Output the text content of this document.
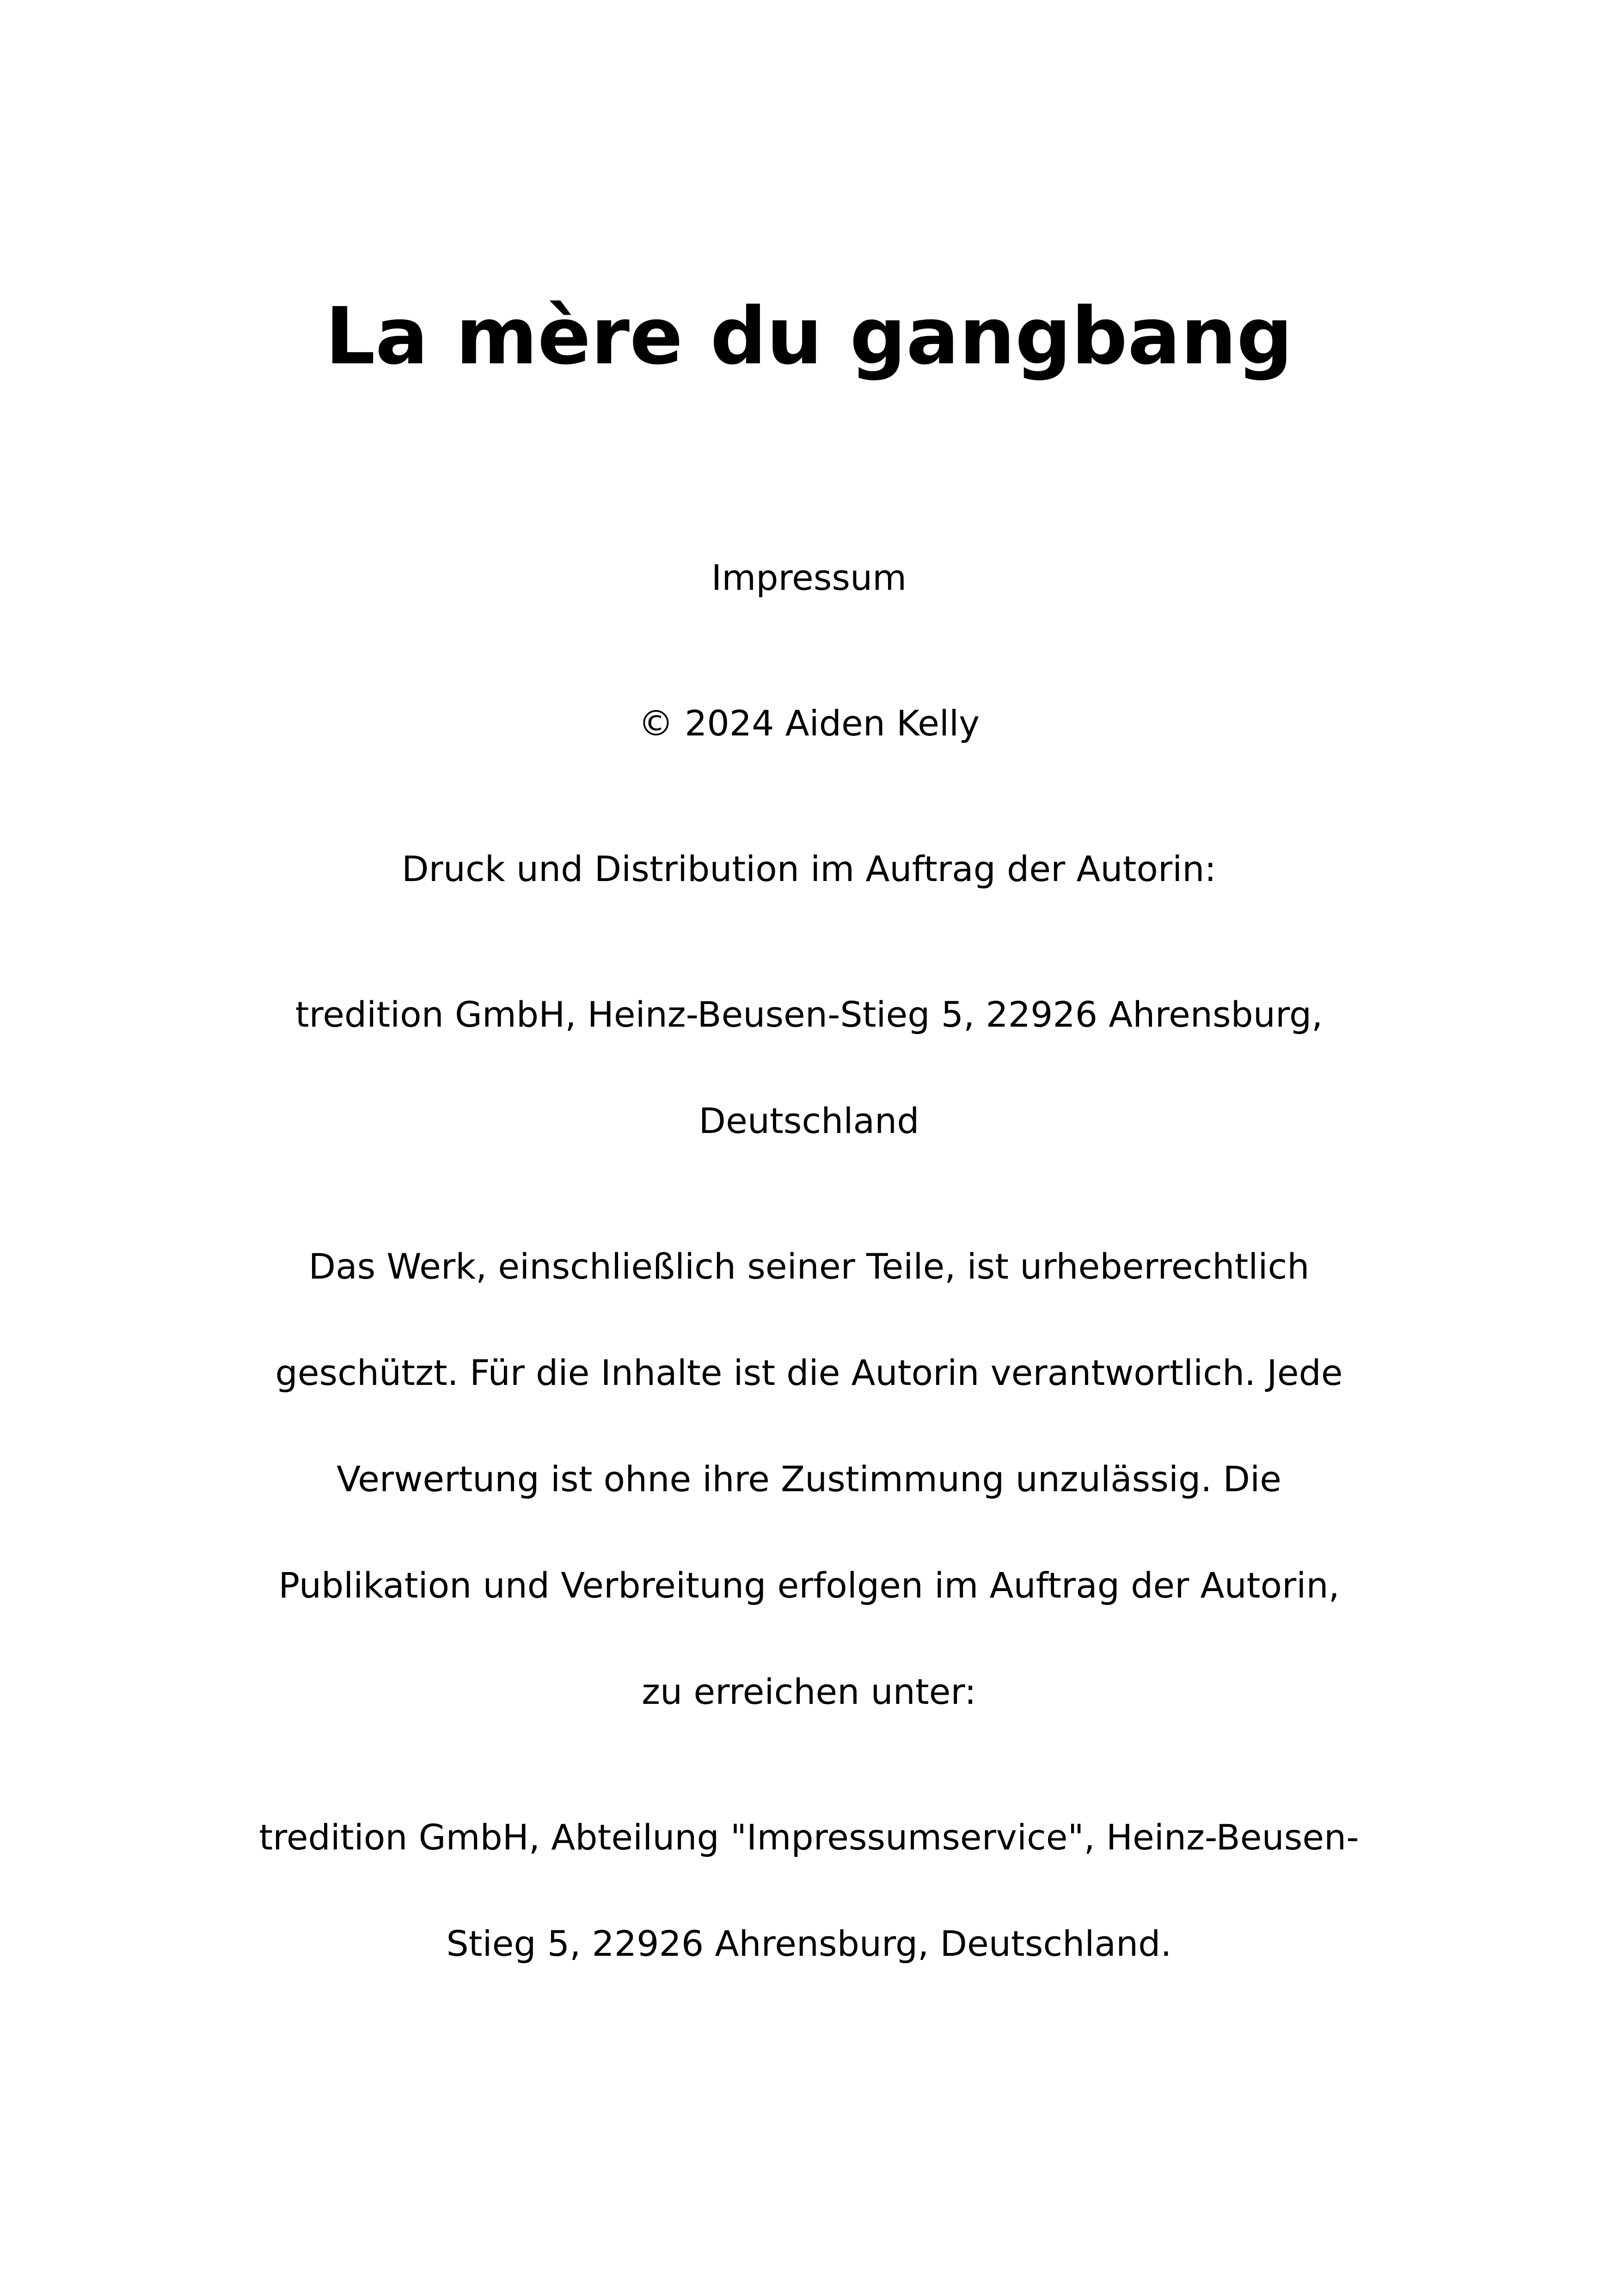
La mère du gangbang

Impressum

© 2024 Aiden Kelly

Druck und Distribution im Auftrag der Autorin:

tredition GmbH, Heinz-Beusen-Stieg 5, 22926 Ahrensburg,

Deutschland

Das Werk, einschließlich seiner Teile, ist urheberrechtlich

geschützt. Für die Inhalte ist die Autorin verantwortlich. Jede

Verwertung ist ohne ihre Zustimmung unzulässig. Die

Publikation und Verbreitung erfolgen im Auftrag der Autorin,

zu erreichen unter:

tredition GmbH, Abteilung "Impressumservice", Heinz-Beusen-

Stieg 5, 22926 Ahrensburg, Deutschland.
